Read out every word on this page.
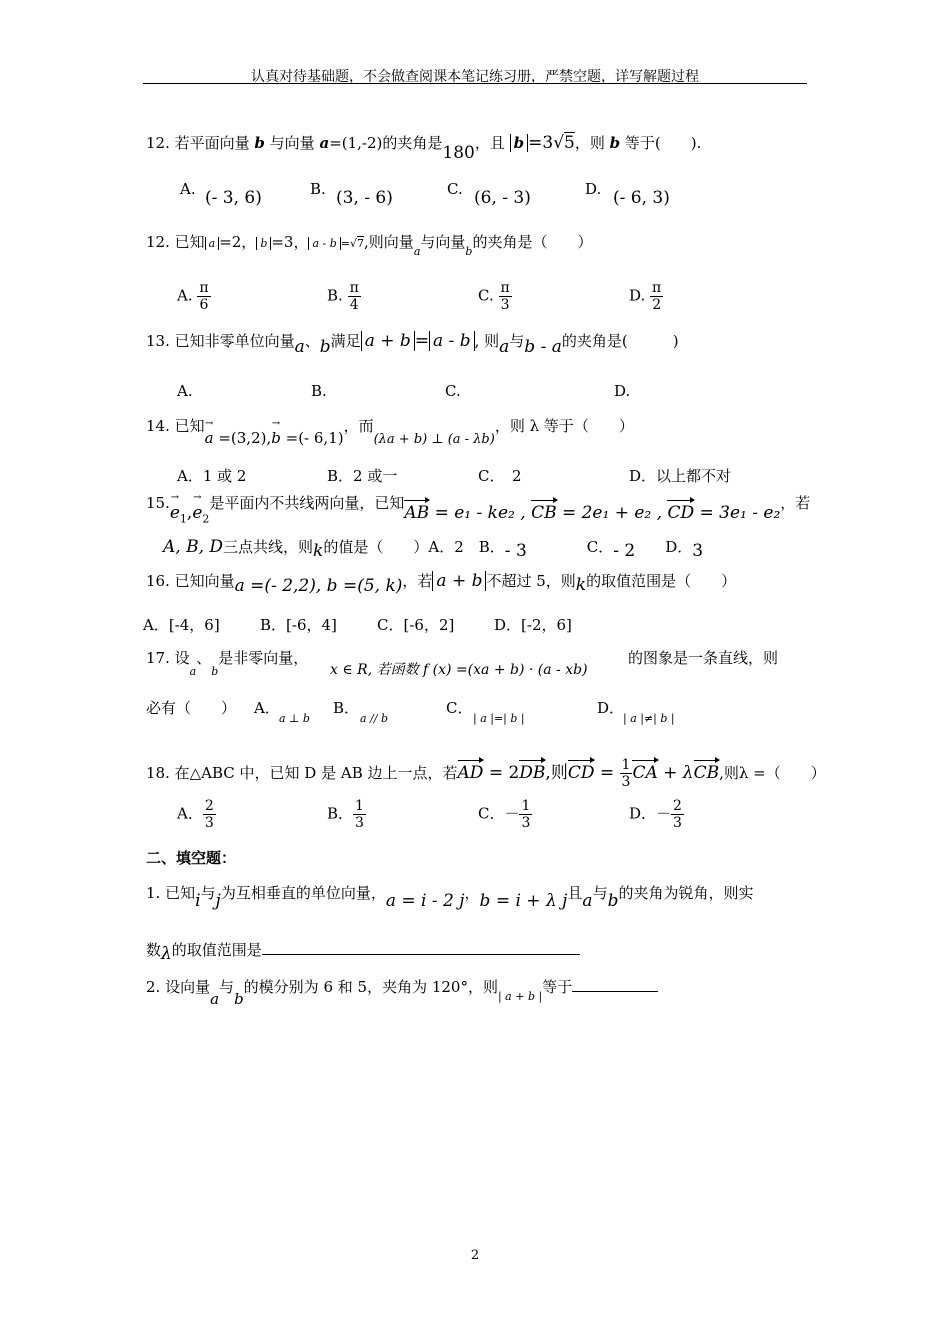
认真对待基础题，不会做查阅课本笔记练习册，严禁空题，详写解题过程
12. 若平面向量 b 与向量 a=(1,-2)的夹角是180，且 b =3√5，则 b 等于(　　).
A. (- 3, 6)	B. (3, - 6)	C. (6, - 3)	D. (- 6, 3)
12. 已知 a =2， b =3， a - b =√7,则向量$_a$与向量$_b$的夹角是（　　）
A. $\frac{\pi}{6}$	B. $\frac{\pi}{4}$	C. $\frac{\pi}{3}$	D. $\frac{\pi}{2}$
13. 已知非零单位向量a、b满足 a + b = a - b , 则a与b - a的夹角是(　　　)
A.	B.	C.	D.
14. 已知→ a =(3,2),→ b =(- 6,1)，而(λa + b) ⊥ (a - λb)，则 λ 等于（　　）
A．1 或 2	B．2 或一	C．　2	D．以上都不对
$15.\to e_1,\to e_2$是平面内不共线两向量，已知AB = e₁ - ke₂ , CB = 2e₁ + e₂ , CD = 3e₁ - e₂，若
A, B, D三点共线，则k的值是（　　）A．2　 B．- 3　　　　	C．- 2　　 D．3
16. 已知向量a =(- 2,2), b =(5, k)，若 a + b 不超过 5，则k的取值范围是（　　）
A．[-4，6]	B．[-6，4]	C．[-6，2]	D．[-2，6]
17. 设$_a$、$_b$是非零向量，
x ∈ R, 若函数 f (x) =(xa + b) · (a - xb)
的图象是一条直线，则
必有（　　） A．
a ⊥ b
B．
a // b
C．
| a |=| b |
D．
| a |≠| b |
18. 在△ABC 中，已知 D 是 AB 边上一点，若AD = 2DB,则CD = $\frac{1}{3}$ CA + λCB,则λ =（　　）
A． $\frac{2}{3}$	B． $\frac{1}{3}$	C．－ $\frac{1}{3}$	D．－ $\frac{2}{3}$
二、填空题：
1. 已知i与j为互相垂直的单位向量，a = i - 2 j，b = i + λ j且a与b的夹角为锐角，则实
数λ的取值范围是
2. 设向量a与b的模分别为 6 和 5，夹角为 120°，则$_{| a + b |}$等于
2
